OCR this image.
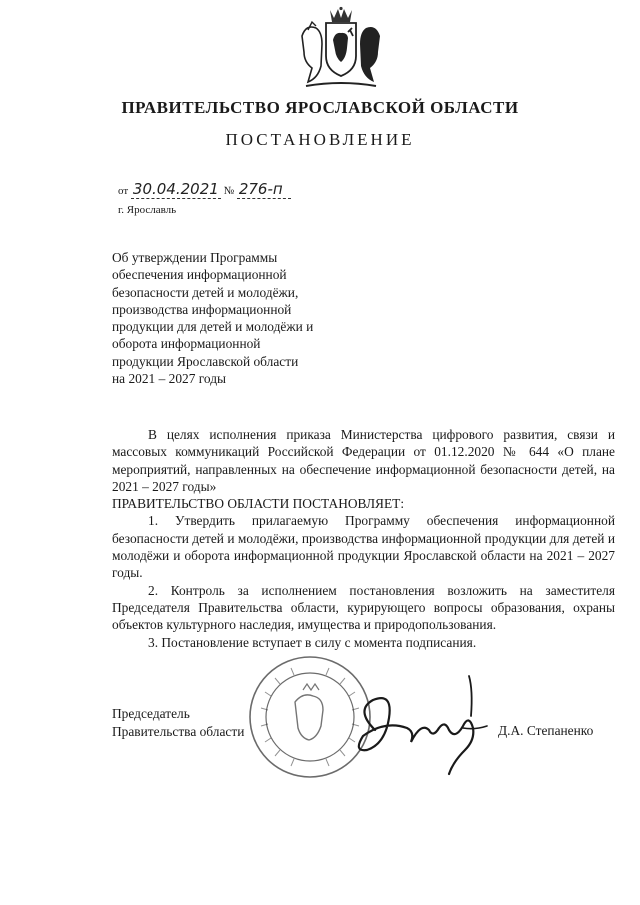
ПРАВИТЕЛЬСТВО ЯРОСЛАВСКОЙ ОБЛАСТИ
ПОСТАНОВЛЕНИЕ
от 30.04.2021 № 276-п
г. Ярославль
Об утверждении Программы
обеспечения информационной
безопасности детей и молодёжи,
производства информационной
продукции для детей и молодёжи и
оборота информационной
продукции Ярославской области
на 2021 – 2027 годы

В целях исполнения приказа Министерства цифрового развития, связи и массовых коммуникаций Российской Федерации от 01.12.2020 № 644 «О плане мероприятий, направленных на обеспечение информационной безопасности детей, на 2021 – 2027 годы»

ПРАВИТЕЛЬСТВО ОБЛАСТИ ПОСТАНОВЛЯЕТ:

1. Утвердить прилагаемую Программу обеспечения информационной безопасности детей и молодёжи, производства информационной продукции для детей и молодёжи и оборота информационной продукции Ярославской области на 2021 – 2027 годы.

2. Контроль за исполнением постановления возложить на заместителя Председателя Правительства области, курирующего вопросы образования, охраны объектов культурного наследия, имущества и природопользования.

3. Постановление вступает в силу с момента подписания.

Председатель
Правительства области	Д.А. Степаненко
